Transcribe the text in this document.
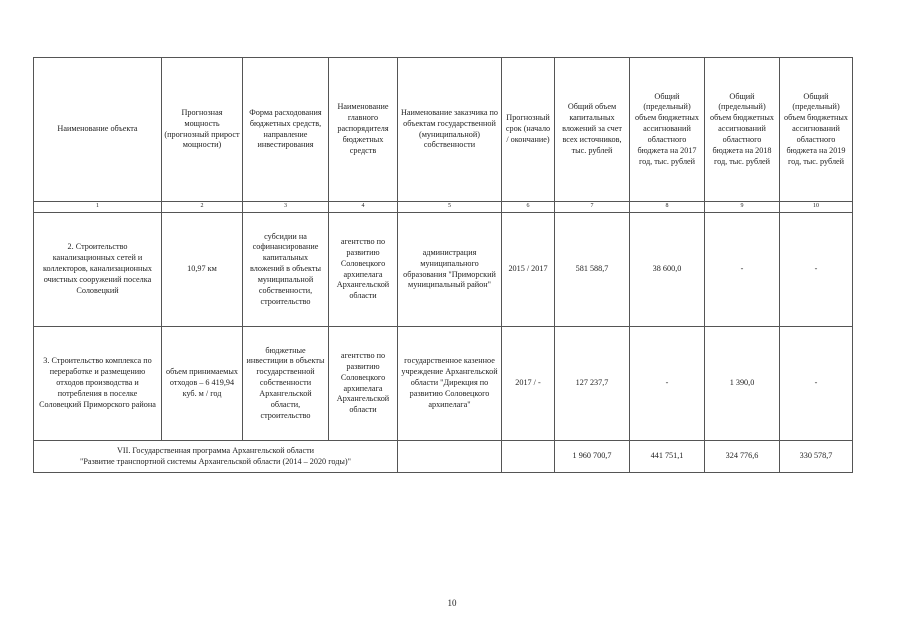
Наименование объекта	Прогнозная мощность (прогнозный прирост мощности)	Форма расходования бюджетных средств, направление инвестирования	Наименование главного распорядителя бюджетных средств	Наименование заказчика по объектам государственной (муниципальной) собственности	Прогнозный срок (начало / окончание)	Общий объем капитальных вложений за счет всех источников, тыс. рублей	Общий (предельный) объем бюджетных ассигнований областного бюджета на 2017 год, тыс. рублей	Общий (предельный) объем бюджетных ассигнований областного бюджета на 2018 год, тыс. рублей	Общий (предельный) объем бюджетных ассигнований областного бюджета на 2019 год, тыс. рублей
1	2	3	4	5	6	7	8	9	10
2. Строительство канализационных сетей и коллекторов, канализационных очистных сооружений поселка Соловецкий	10,97 км	субсидии на софинансирование капитальных вложений в объекты муниципальной собственности, строительство	агентство по развитию Соловецкого архипелага Архангельской области	администрация муниципального образования "Приморский муниципальный район"	2015 / 2017	581 588,7	38 600,0	-	-
3. Строительство комплекса по переработке и размещению отходов производства и потребления в поселке Соловецкий Приморского района	объем принимаемых отходов – 6 419,94 куб. м / год	бюджетные инвестиции в объекты государственной собственности Архангельской области, строительство	агентство по развитию Соловецкого архипелага Архангельской области	государственное казенное учреждение Архангельской области "Дирекция по развитию Соловецкого архипелага"	2017 / -	127 237,7	-	1 390,0	-

VII. Государственная программа Архангельской области
"Развитие транспортной системы Архангельской области (2014 – 2020 годы)"						1 960 700,7	441 751,1	324 776,6	330 578,7
10
